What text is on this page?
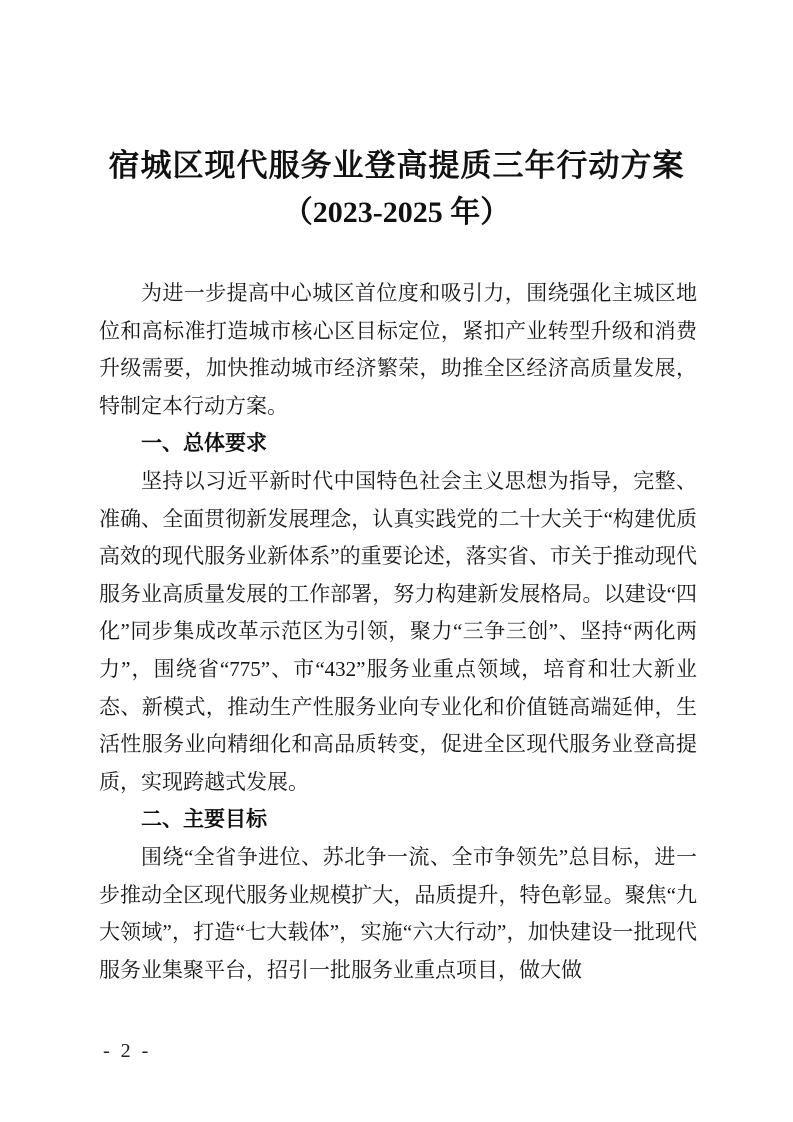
宿城区现代服务业登高提质三年行动方案
（2023-2025 年）
为进一步提高中心城区首位度和吸引力，围绕强化主城区地位和高标准打造城市核心区目标定位，紧扣产业转型升级和消费升级需要，加快推动城市经济繁荣，助推全区经济高质量发展，特制定本行动方案。
一、总体要求
坚持以习近平新时代中国特色社会主义思想为指导，完整、准确、全面贯彻新发展理念，认真实践党的二十大关于“构建优质高效的现代服务业新体系”的重要论述，落实省、市关于推动现代服务业高质量发展的工作部署，努力构建新发展格局。以建设“四化”同步集成改革示范区为引领，聚力“三争三创”、坚持“两化两力”，围绕省“775”、市“432”服务业重点领域，培育和壮大新业态、新模式，推动生产性服务业向专业化和价值链高端延伸，生活性服务业向精细化和高品质转变，促进全区现代服务业登高提质，实现跨越式发展。
二、主要目标
围绕“全省争进位、苏北争一流、全市争领先”总目标，进一步推动全区现代服务业规模扩大，品质提升，特色彰显。聚焦“九大领域”，打造“七大载体”，实施“六大行动”，加快建设一批现代服务业集聚平台，招引一批服务业重点项目，做大做
- 2 -
